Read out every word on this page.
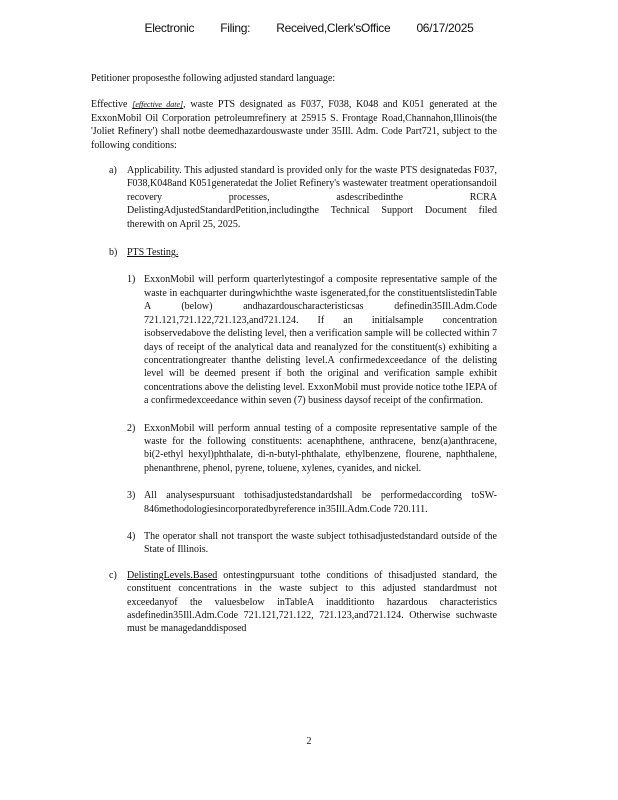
Electronic Filing: Received,Clerk'sOffice 06/17/2025

Petitioner proposesthe following adjusted standard language:

Effective [effective date], waste PTS designated as F037, F038, K048 and K051 generated at the ExxonMobil Oil Corporation petroleumrefinery at 25915 S. Frontage Road,Channahon,Illinois(the 'Joliet Refinery') shall notbe deemedhazardouswaste under 35Ill. Adm. Code Part721, subject to the following conditions:

a) Applicability. This adjusted standard is provided only for the waste PTS designatedas F037, F038,K048and K051generatedat the Joliet Refinery's wastewater treatment operationsandoil recovery processes, asdescribedinthe RCRA DelistingAdjustedStandardPetition,includingthe Technical Support Document filed therewith on April 25, 2025.

b) PTS Testing.

1) ExxonMobil will perform quarterlytestingof a composite representative sample of the waste in eachquarter duringwhichthe waste isgenerated,for the constituentslistedinTable A (below) andhazardouscharacteristicsas definedin35Ill.Adm.Code 721.121,721.122,721.123,and721.124. If an initialsample concentration isobservedabove the delisting level, then a verification sample will be collected within 7 days of receipt of the analytical data and reanalyzed for the constituent(s) exhibiting a concentrationgreater thanthe delisting level.A confirmedexceedance of the delisting level will be deemed present if both the original and verification sample exhibit concentrations above the delisting level. ExxonMobil must provide notice tothe IEPA of a confirmedexceedance within seven (7) business daysof receipt of the confirmation.

2) ExxonMobil will perform annual testing of a composite representative sample of the waste for the following constituents: acenaphthene, anthracene, benz(a)anthracene, bi(2-ethyl hexyl)phthalate, di-n-butyl-phthalate, ethylbenzene, flourene, naphthalene, phenanthrene, phenol, pyrene, toluene, xylenes, cyanides, and nickel.

3) All analysespursuant tothisadjustedstandardshall be performedaccording toSW-846methodologiesincorporatedbyreference in35Ill.Adm.Code 720.111.

4) The operator shall not transport the waste subject tothisadjustedstandard outside of the State of Illinois.

c) DelistingLevels.Based ontestingpursuant tothe conditions of thisadjusted standard, the constituent concentrations in the waste subject to this adjusted standardmust not exceedanyof the valuesbelow inTableA inadditionto hazardous characteristics asdefinedin35Ill.Adm.Code 721.121,721.122, 721.123,and721.124. Otherwise suchwaste must be managedanddisposed

2
